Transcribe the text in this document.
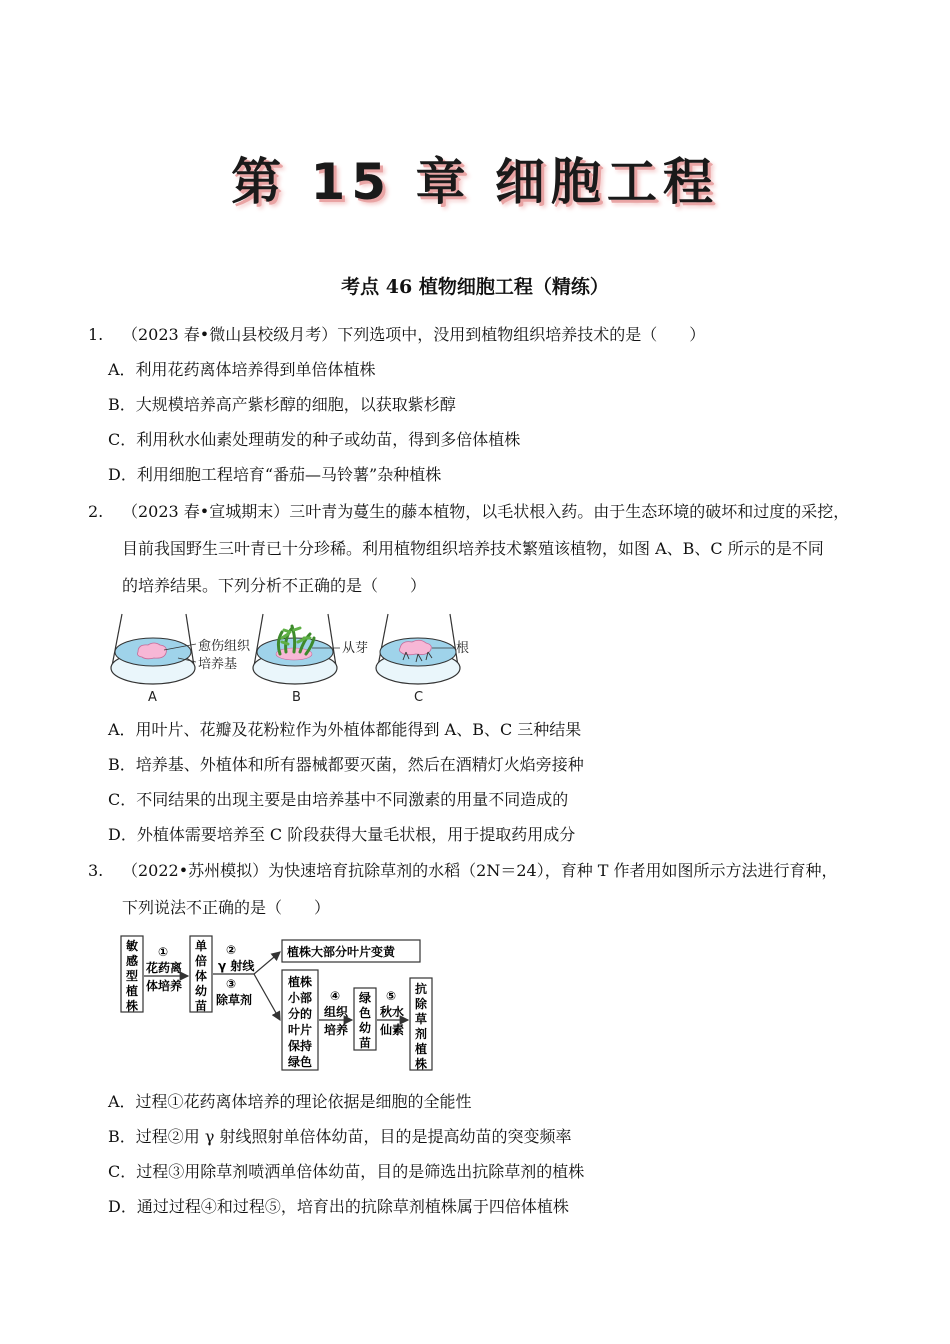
第 15 章 细胞工程
考点 46 植物细胞工程（精练）
1. （2023 春•微山县校级月考）下列选项中，没用到植物组织培养技术的是（　　）
A．利用花药离体培养得到单倍体植株
B．大规模培养高产紫杉醇的细胞，以获取紫杉醇
C．利用秋水仙素处理萌发的种子或幼苗，得到多倍体植株
D．利用细胞工程培育“番茄—马铃薯”杂种植株
2. （2023 春•宣城期末）三叶青为蔓生的藤本植物，以毛状根入药。由于生态环境的破坏和过度的采挖，
目前我国野生三叶青已十分珍稀。利用植物组织培养技术繁殖该植物，如图 A、B、C 所示的是不同
的培养结果。下列分析不正确的是（　　）
愈伤组织
培养基
A
从芽
B
根
C
A．用叶片、花瓣及花粉粒作为外植体都能得到 A、B、C 三种结果
B．培养基、外植体和所有器械都要灭菌，然后在酒精灯火焰旁接种
C．不同结果的出现主要是由培养基中不同激素的用量不同造成的
D．外植体需要培养至 C 阶段获得大量毛状根，用于提取药用成分
3. （2022•苏州模拟）为快速培育抗除草剂的水稻（2N＝24），育种 T 作者用如图所示方法进行育种，
下列说法不正确的是（　　）
敏
感
型
植
株
①
花药离
体培养
单
倍
体
幼
苗
②
γ 射线
③
除草剂
植株大部分叶片变黄
植株
小部
分的
叶片
保持
绿色
④
组织
培养
绿
色
幼
苗
⑤
秋水
仙素
抗
除
草
剂
植
株
A．过程①花药离体培养的理论依据是细胞的全能性
B．过程②用 γ 射线照射单倍体幼苗，目的是提高幼苗的突变频率
C．过程③用除草剂喷洒单倍体幼苗，目的是筛选出抗除草剂的植株
D．通过过程④和过程⑤，培育出的抗除草剂植株属于四倍体植株
